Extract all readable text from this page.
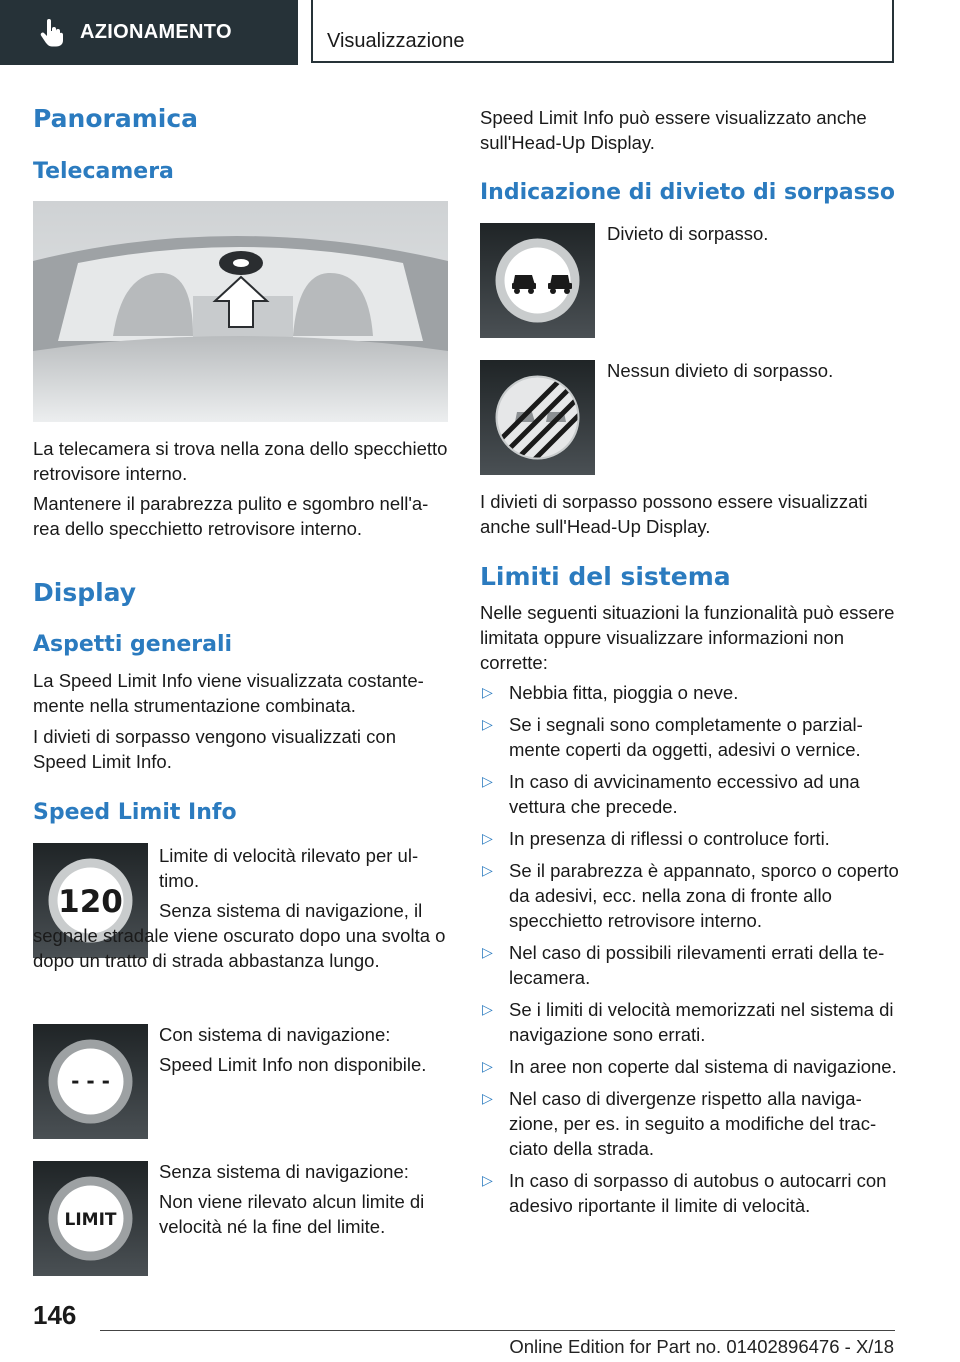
AZIONAMENTO	Visualizzazione
Panoramica
Telecamera

La telecamera si trova nella zona dello specchietto retrovisore interno.

Mantenere il parabrezza pulito e sgombro nell'area dello specchietto retrovisore interno.

Display
Aspetti generali

La Speed Limit Info viene visualizzata costantemente nella strumentazione combinata.

I divieti di sorpasso vengono visualizzati con Speed Limit Info.

Speed Limit Info
120

Limite di velocità rilevato per ultimo.

Senza sistema di navigazione, il segnale stradale viene oscurato dopo una svolta o dopo un tratto di strada abbastanza lungo.

- - -

Con sistema di navigazione:

Speed Limit Info non disponibile.

LIMIT

Senza sistema di navigazione:

Non viene rilevato alcun limite di velocità né la fine del limite.

Speed Limit Info può essere visualizzato anche sull'Head-Up Display.

Indicazione di divieto di sorpasso

Divieto di sorpasso.

Nessun divieto di sorpasso.

I divieti di sorpasso possono essere visualizzati anche sull'Head-Up Display.

Limiti del sistema

Nelle seguenti situazioni la funzionalità può essere limitata oppure visualizzare informazioni non corrette:

▷ Nebbia fitta, pioggia o neve.
▷ Se i segnali sono completamente o parzialmente coperti da oggetti, adesivi o vernice.
▷ In caso di avvicinamento eccessivo ad una vettura che precede.
▷ In presenza di riflessi o controluce forti.
▷ Se il parabrezza è appannato, sporco o coperto da adesivi, ecc. nella zona di fronte allo specchietto retrovisore interno.
▷ Nel caso di possibili rilevamenti errati della telecamera.
▷ Se i limiti di velocità memorizzati nel sistema di navigazione sono errati.
▷ In aree non coperte dal sistema di navigazione.
▷ Nel caso di divergenze rispetto alla navigazione, per es. in seguito a modifiche del tracciato della strada.
▷ In caso di sorpasso di autobus o autocarri con adesivo riportante il limite di velocità.
146
Online Edition for Part no. 01402896476 - X/18
